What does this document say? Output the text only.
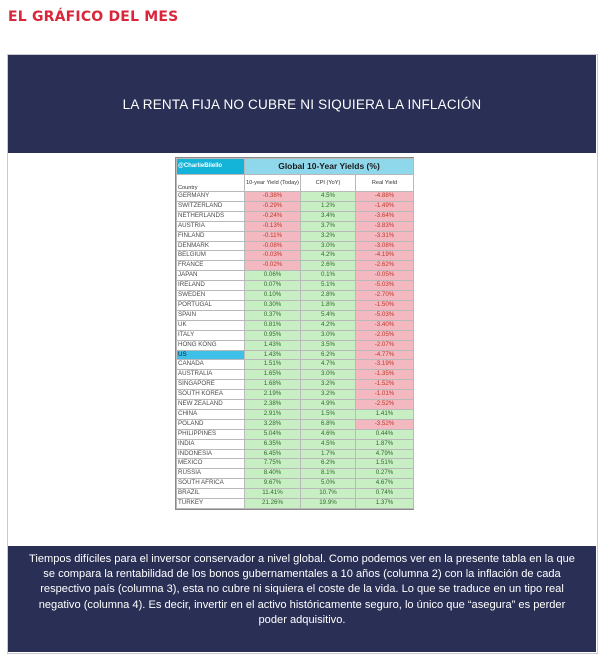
EL GRÁFICO DEL MES
LA RENTA FIJA NO CUBRE NI SIQUIERA LA INFLACIÓN
@CharlieBilello	Global 10-Year Yields (%)		
Country	10-year Yield (Today)	CPI (YoY)	Real Yield
GERMANY	-0.38%	4.5%	-4.88%
SWITZERLAND	-0.29%	1.2%	-1.49%
NETHERLANDS	-0.24%	3.4%	-3.64%
AUSTRIA	-0.13%	3.7%	-3.83%
FINLAND	-0.11%	3.2%	-3.31%
DENMARK	-0.08%	3.0%	-3.08%
BELGIUM	-0.03%	4.2%	-4.19%
FRANCE	-0.02%	2.6%	-2.62%
JAPAN	0.06%	0.1%	-0.05%
IRELAND	0.07%	5.1%	-5.03%
SWEDEN	0.10%	2.8%	-2.70%
PORTUGAL	0.30%	1.8%	-1.50%
SPAIN	0.37%	5.4%	-5.03%
UK	0.81%	4.2%	-3.40%
ITALY	0.95%	3.0%	-2.05%
HONG KONG	1.43%	3.5%	-2.07%
US	1.43%	6.2%	-4.77%
CANADA	1.51%	4.7%	-3.19%
AUSTRALIA	1.65%	3.0%	-1.35%
SINGAPORE	1.68%	3.2%	-1.52%
SOUTH KOREA	2.19%	3.2%	-1.01%
NEW ZEALAND	2.38%	4.9%	-2.52%
CHINA	2.91%	1.5%	1.41%
POLAND	3.28%	6.8%	-3.52%
PHILIPPINES	5.04%	4.6%	0.44%
INDIA	6.35%	4.5%	1.87%
INDONESIA	6.45%	1.7%	4.79%
MEXICO	7.75%	6.2%	1.51%
RUSSIA	8.40%	8.1%	0.27%
SOUTH AFRICA	9.67%	5.0%	4.67%
BRAZIL	11.41%	10.7%	0.74%
TURKEY	21.26%	19.9%	1.37%
Tiempos difíciles para el inversor conservador a nivel global. Como podemos ver en la presente tabla en la que se compara la rentabilidad de los bonos gubernamentales a 10 años (columna 2) con la inflación de cada respectivo país (columna 3), esta no cubre ni siquiera el coste de la vida. Lo que se traduce en un tipo real negativo (columna 4). Es decir, invertir en el activo históricamente seguro, lo único que “asegura” es perder poder adquisitivo.
